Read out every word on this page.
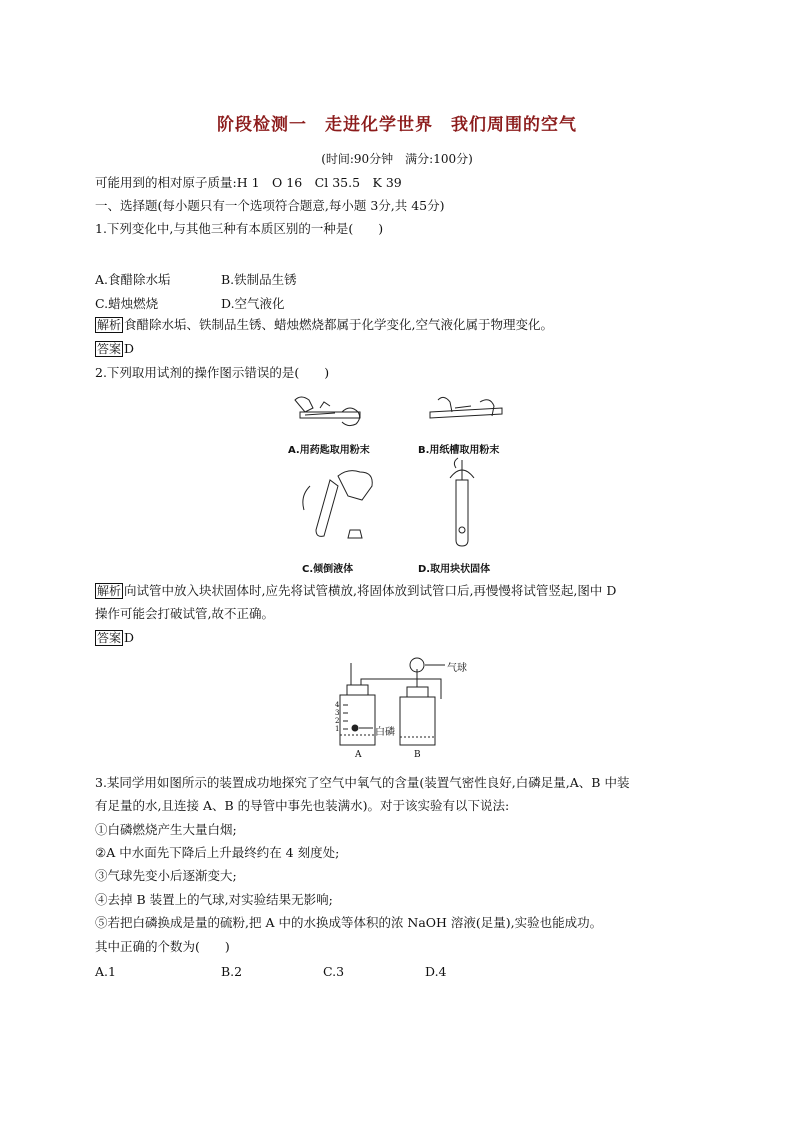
阶段检测一　走进化学世界　我们周围的空气
(时间:90分钟　满分:100分)
可能用到的相对原子质量:H 1　O 16　Cl 35.5　K 39
一、选择题(每小题只有一个选项符合题意,每小题 3分,共 45分)
1.下列变化中,与其他三种有本质区别的一种是(　　)
A.食醋除水垢	B.铁制品生锈
C.蜡烛燃烧	D.空气液化
解析 食醋除水垢、铁制品生锈、蜡烛燃烧都属于化学变化,空气液化属于物理变化。
答案 D
2.下列取用试剂的操作图示错误的是(　　)
A.用药匙取用粉末	B.用纸槽取用粉末
C.倾倒液体	D.取用块状固体
解析 向试管中放入块状固体时,应先将试管横放,将固体放到试管口后,再慢慢将试管竖起,图中 D
操作可能会打破试管,故不正确。
答案 D
气球
白磷
4
3
2
1
A	B
3.某同学用如图所示的装置成功地探究了空气中氧气的含量(装置气密性良好,白磷足量,A、B 中装
有足量的水,且连接 A、B 的导管中事先也装满水)。对于该实验有以下说法:
①白磷燃烧产生大量白烟;
②A 中水面先下降后上升最终约在 4 刻度处;
③气球先变小后逐渐变大;
④去掉 B 装置上的气球,对实验结果无影响;
⑤若把白磷换成是量的硫粉,把 A 中的水换成等体积的浓 NaOH 溶液(足量),实验也能成功。
其中正确的个数为(　　)
A.1	B.2	C.3	D.4
